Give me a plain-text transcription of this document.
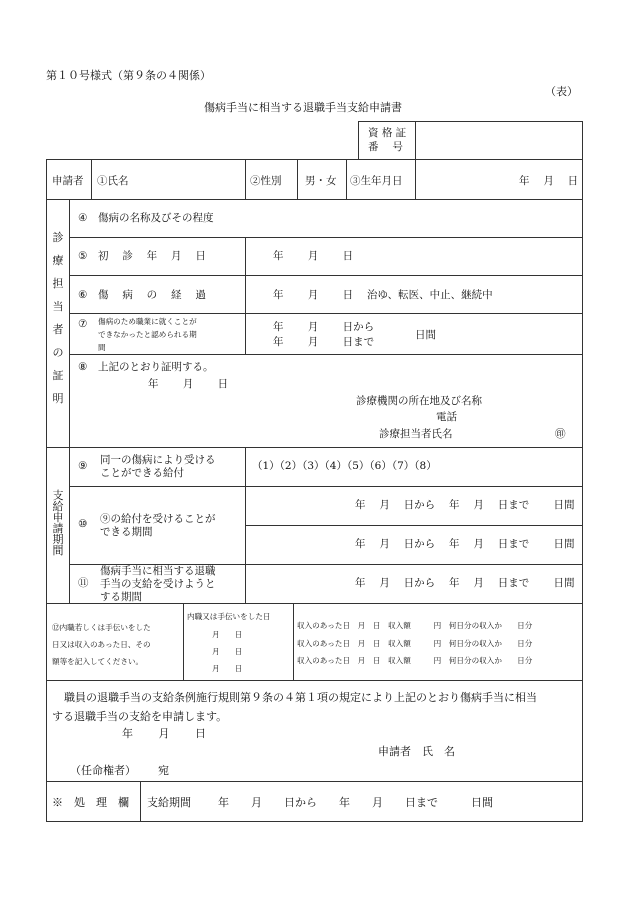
第１０号様式（第９条の４関係）
（表）
傷病手当に相当する退職手当支給申請書
資 格 証
番　 号
申請者 ①氏名	②性別 男・女 ③生年月日	年　 月　 日
診
療
担
当
者
の
証
明
④ 傷病の名称及びその程度
⑤ 初　 診　 年　 月　 日	年　　 月　　 日
⑥ 傷　 病　 の　 経　 過	年　　 月　　 日 治ゆ、転医、中止、継続中
⑦ 傷病のため職業に就くことが
できなかったと認められる期
間
年　　 月　　 日から
年　　 月　　 日まで
日間
⑧ 上記のとおり証明する。
年　　 月　　 日
診療機関の所在地及び名称
電話
診療担当者氏名	㊞
支
給
申
請
期
間
⑨ 同一の傷病により受ける
ことができる給付
（1）（2）（3）（4）（5）（6）（7）（8）
⑩ ⑨の給付を受けることが
できる期間
年　 月　 日から　 年　 月　 日まで　　 日間
年　 月　 日から　 年　 月　 日まで　　 日間
⑪
傷病手当に相当する退職
手当の支給を受けようと
する期間
年　 月　 日から　 年　 月　 日まで　　 日間
⑫内職若しくは手伝いをした
日又は収入のあった日、その
額等を記入してください。
内職又は手伝いをした日
月　　日
月　　日
月　　日
収入のあった日　月　日　収入額　　　円　何日分の収入か　　日分
収入のあった日　月　日　収入額　　　円　何日分の収入か　　日分
収入のあった日　月　日　収入額　　　円　何日分の収入か　　日分
職員の退職手当の支給条例施行規則第９条の４第１項の規定により上記のとおり傷病手当に相当
する退職手当の支給を申請します。
年　　 月　　 日
申請者　氏　名
（任命権者） 宛
※　処　理　欄 支給期間 年　　月　　日から　　年　　月　　日まで　　　日間
